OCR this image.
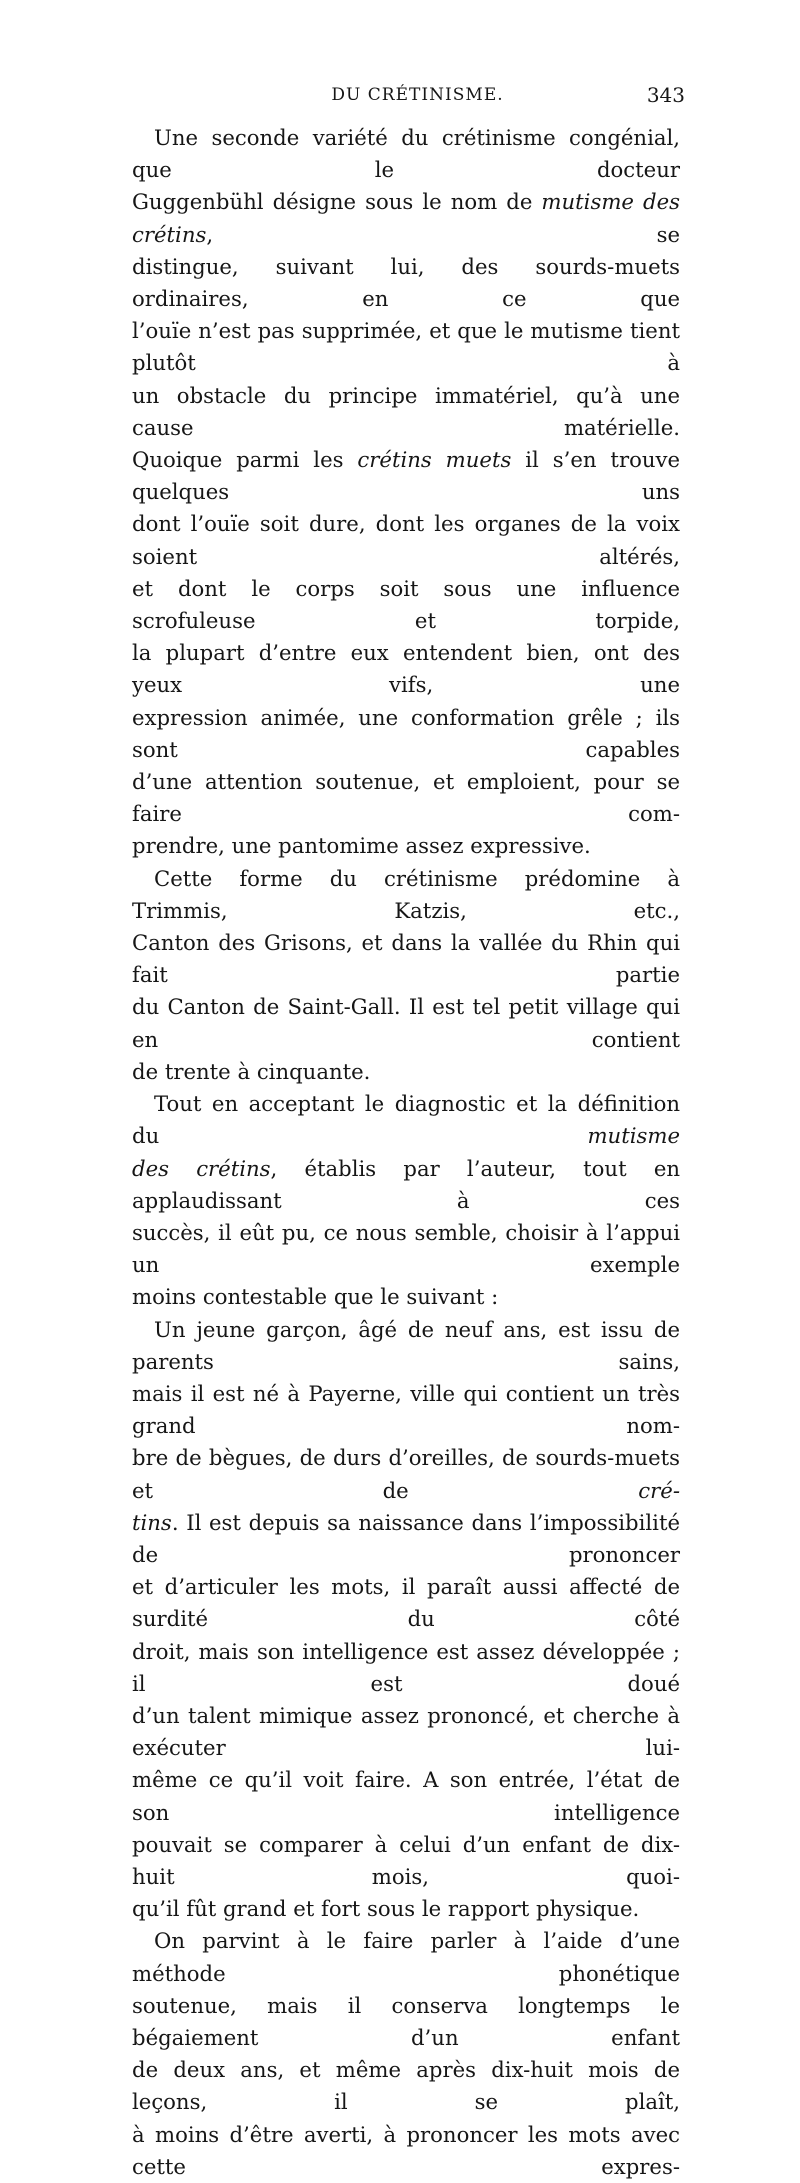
DU CRÉTINISME.	343

Une seconde variété du crétinisme congénial, que le docteur

Guggenbühl désigne sous le nom de mutisme des crétins, se

distingue, suivant lui, des sourds-muets ordinaires, en ce que

l’ouïe n’est pas supprimée, et que le mutisme tient plutôt à

un obstacle du principe immatériel, qu’à une cause matérielle.

Quoique parmi les crétins muets il s’en trouve quelques uns

dont l’ouïe soit dure, dont les organes de la voix soient altérés,

et dont le corps soit sous une influence scrofuleuse et torpide,

la plupart d’entre eux entendent bien, ont des yeux vifs, une

expression animée, une conformation grêle ; ils sont capables

d’une attention soutenue, et emploient, pour se faire com-

prendre, une pantomime assez expressive.

Cette forme du crétinisme prédomine à Trimmis, Katzis, etc.,

Canton des Grisons, et dans la vallée du Rhin qui fait partie

du Canton de Saint-Gall. Il est tel petit village qui en contient

de trente à cinquante.

Tout en acceptant le diagnostic et la définition du mutisme

des crétins, établis par l’auteur, tout en applaudissant à ces

succès, il eût pu, ce nous semble, choisir à l’appui un exemple

moins contestable que le suivant :

Un jeune garçon, âgé de neuf ans, est issu de parents sains,

mais il est né à Payerne, ville qui contient un très grand nom-

bre de bègues, de durs d’oreilles, de sourds-muets et de cré-

tins. Il est depuis sa naissance dans l’impossibilité de prononcer

et d’articuler les mots, il paraît aussi affecté de surdité du côté

droit, mais son intelligence est assez développée ; il est doué

d’un talent mimique assez prononcé, et cherche à exécuter lui-

même ce qu’il voit faire. A son entrée, l’état de son intelligence

pouvait se comparer à celui d’un enfant de dix-huit mois, quoi-

qu’il fût grand et fort sous le rapport physique.

On parvint à le faire parler à l’aide d’une méthode phonétique

soutenue, mais il conserva longtemps le bégaiement d’un enfant

de deux ans, et même après dix-huit mois de leçons, il se plaît,

à moins d’être averti, à prononcer les mots avec cette expres-
